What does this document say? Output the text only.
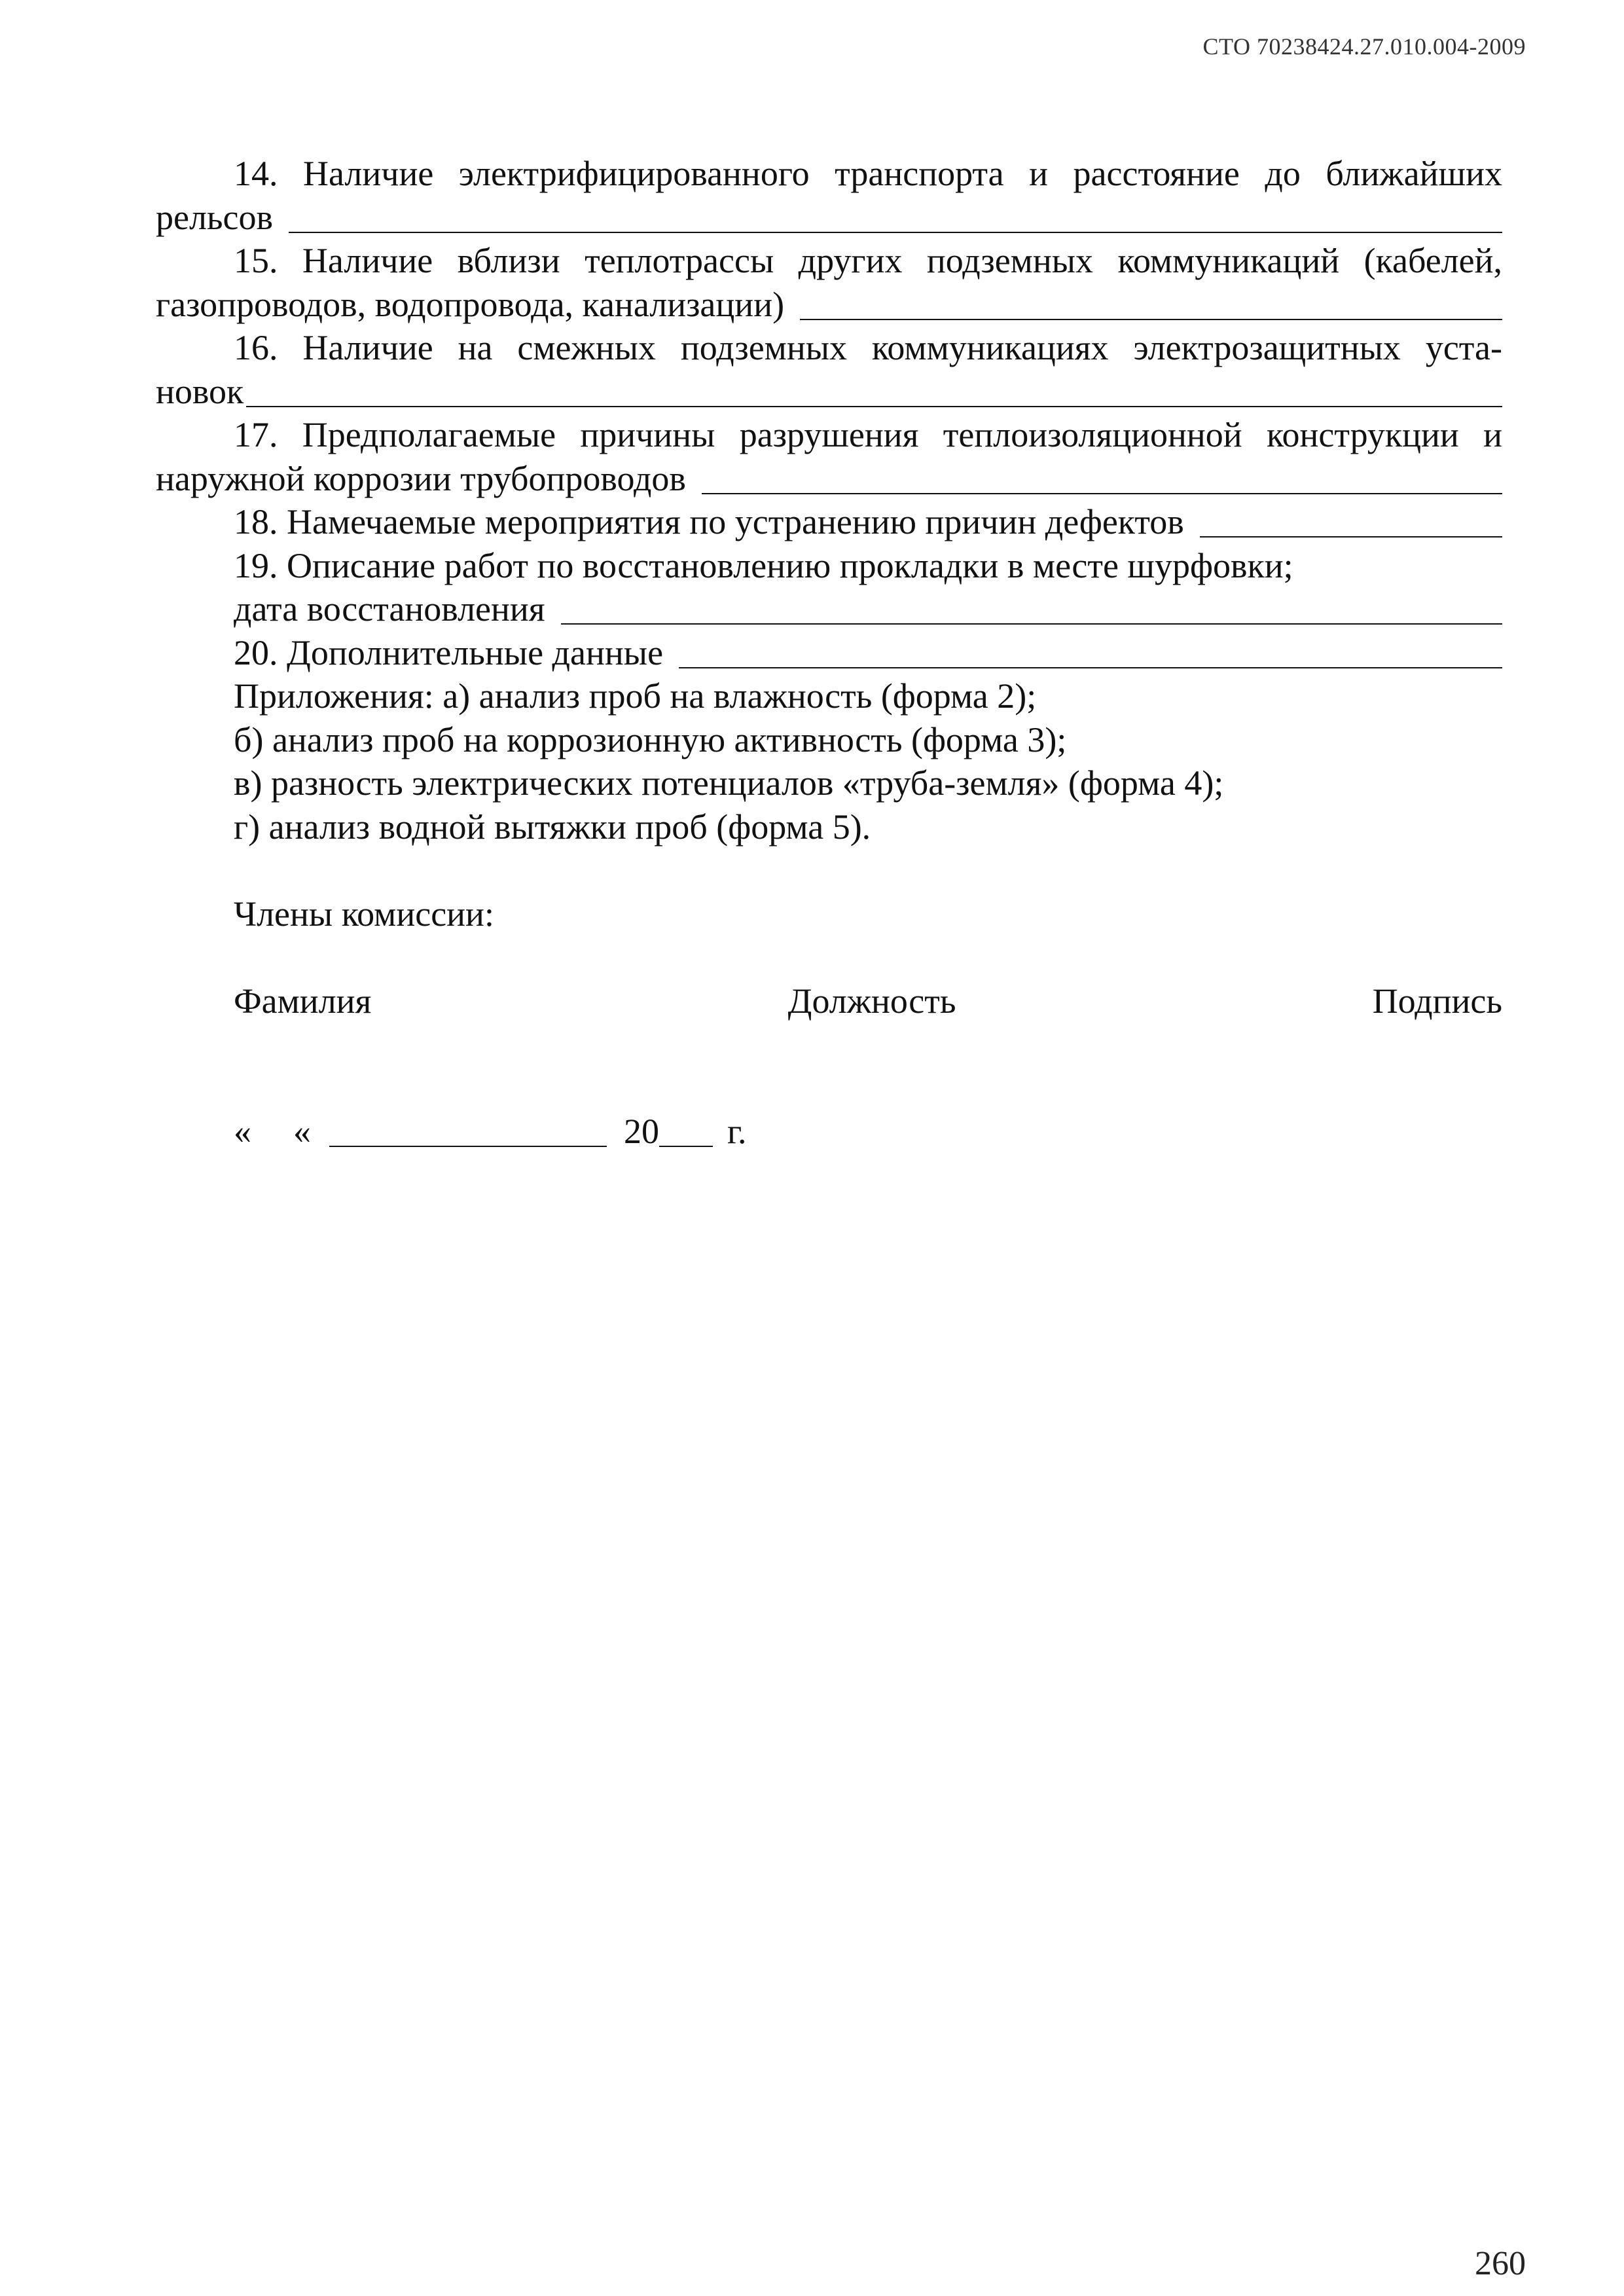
СТО 70238424.27.010.004-2009
14. Наличие электрифицированного транспорта и расстояние до ближайших
рельсов
15. Наличие вблизи теплотрассы других подземных коммуникаций (кабелей,
газопроводов, водопровода, канализации)
16. Наличие на смежных подземных коммуникациях электрозащитных уста-
новок
17. Предполагаемые причины разрушения теплоизоляционной конструкции и
наружной коррозии трубопроводов
18. Намечаемые мероприятия по устранению причин дефектов
19. Описание работ по восстановлению прокладки в месте шурфовки;
дата восстановления
20. Дополнительные данные
Приложения: а) анализ проб на влажность (форма 2);
б) анализ проб на коррозионную активность (форма 3);
в) разность электрических потенциалов «труба-земля» (форма 4);
г) анализ водной вытяжки проб (форма 5).
Члены комиссии:
Фамилия	Должность	Подпись
« «	20 г.
260
